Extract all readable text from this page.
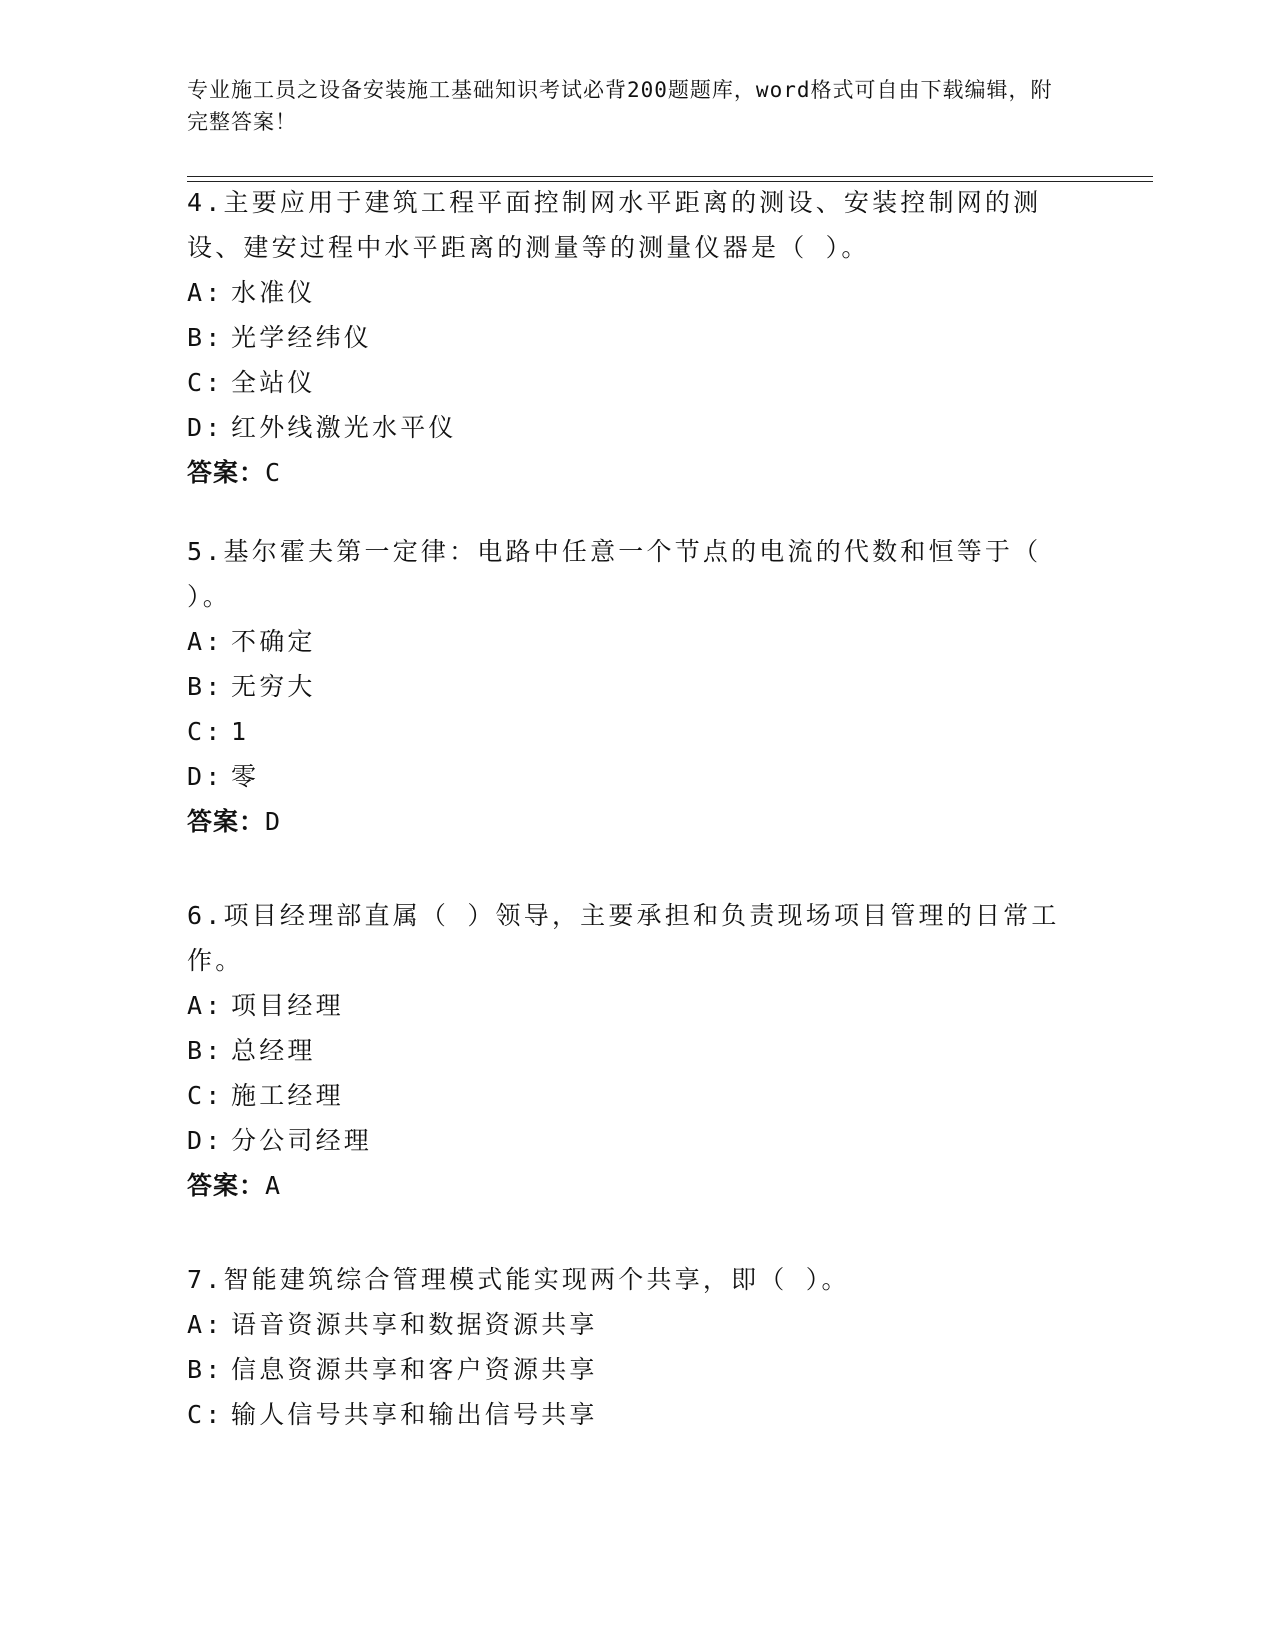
专业施工员之设备安装施工基础知识考试必背200题题库，word格式可自由下载编辑，附完整答案！

4.主要应用于建筑工程平面控制网水平距离的测设、安装控制网的测设、建安过程中水平距离的测量等的测量仪器是（ ）。

A: 水准仪

B: 光学经纬仪

C: 全站仪

D: 红外线激光水平仪

答案：C

5.基尔霍夫第一定律：电路中任意一个节点的电流的代数和恒等于（ ）。

A: 不确定

B: 无穷大

C: 1

D: 零

答案：D

6.项目经理部直属（ ）领导，主要承担和负责现场项目管理的日常工作。

A: 项目经理

B: 总经理

C: 施工经理

D: 分公司经理

答案：A

7.智能建筑综合管理模式能实现两个共享，即（ ）。

A: 语音资源共享和数据资源共享

B: 信息资源共享和客户资源共享

C: 输人信号共享和输出信号共享
